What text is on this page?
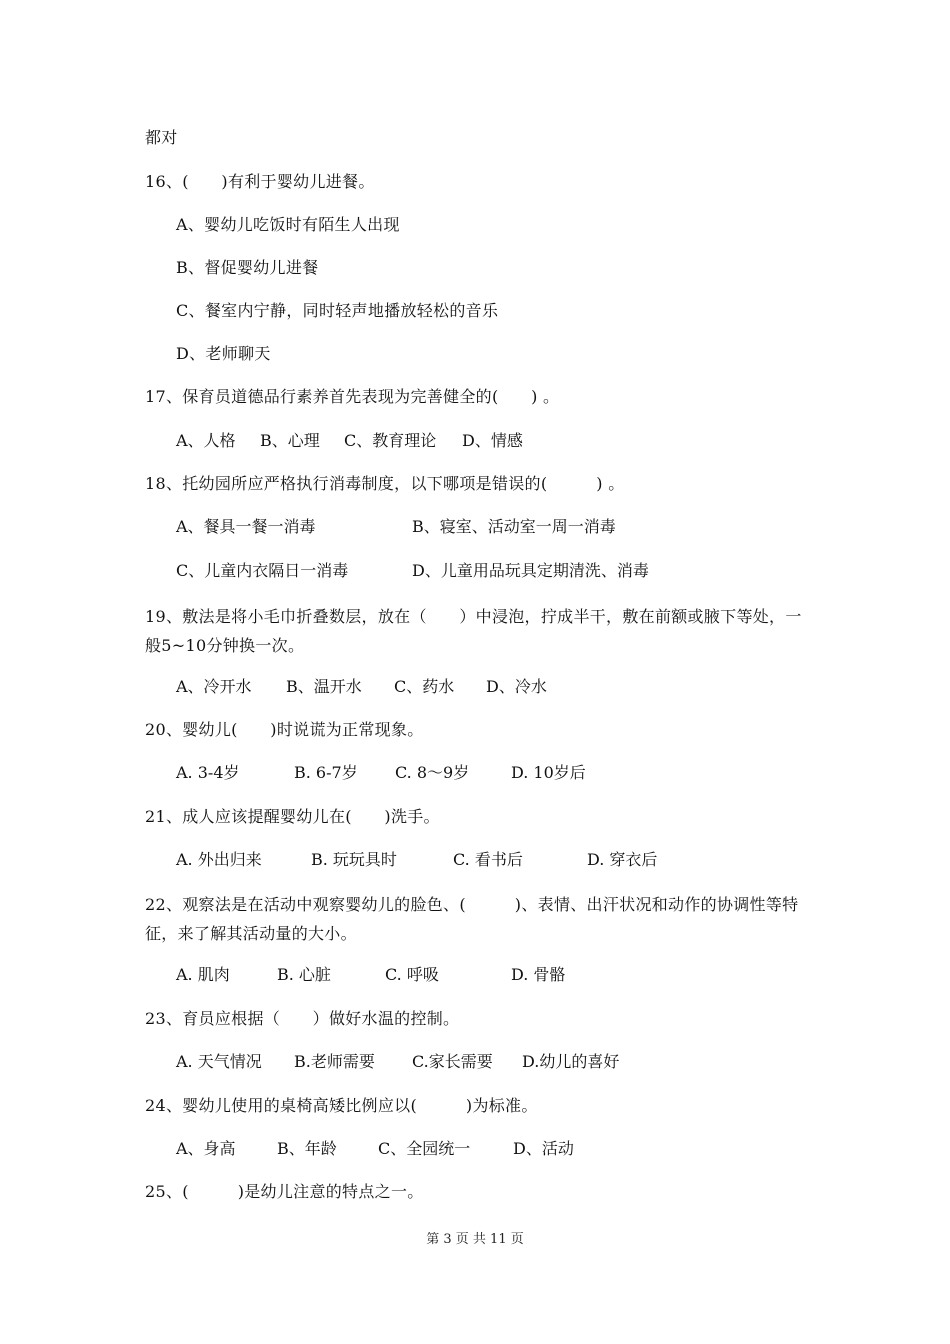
都对
16、(　　)有利于婴幼儿进餐。
A、婴幼儿吃饭时有陌生人出现
B、督促婴幼儿进餐
C、餐室内宁静，同时轻声地播放轻松的音乐
D、老师聊天
17、保育员道德品行素养首先表现为完善健全的(　　) 。
A、人格	B、心理	C、教育理论	D、情感
18、托幼园所应严格执行消毒制度，以下哪项是错误的(　　　) 。
A、餐具一餐一消毒	B、寝室、活动室一周一消毒
C、儿童内衣隔日一消毒	D、儿童用品玩具定期清洗、消毒
19、敷法是将小毛巾折叠数层，放在（　　）中浸泡，拧成半干，敷在前额或腋下等处，一般5~10分钟换一次。
A、冷开水	B、温开水	C、药水	D、冷水
20、婴幼儿(　　)时说谎为正常现象。
A. 3-4岁	B. 6-7岁	C. 8～9岁	D. 10岁后
21、成人应该提醒婴幼儿在(　　)洗手。
A. 外出归来	B. 玩玩具时	C. 看书后	D. 穿衣后
22、观察法是在活动中观察婴幼儿的脸色、(　　　)、表情、出汗状况和动作的协调性等特征，来了解其活动量的大小。
A. 肌肉	B. 心脏	C. 呼吸	D. 骨骼
23、育员应根据（　　）做好水温的控制。
A. 天气情况	B.老师需要	C.家长需要	D.幼儿的喜好
24、婴幼儿使用的桌椅高矮比例应以(　　　)为标准。
A、身高	B、年龄	C、全园统一	D、活动
25、(　　　)是幼儿注意的特点之一。
第 3 页 共 11 页
